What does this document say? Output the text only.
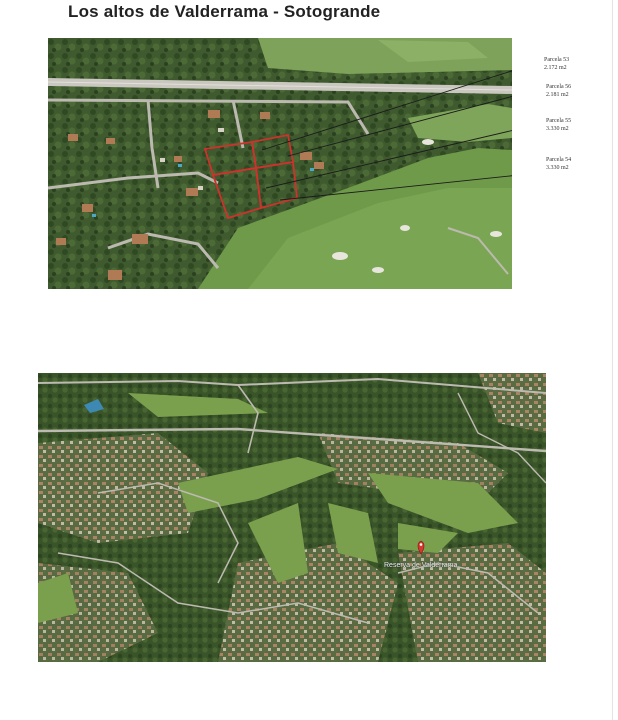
Los altos de Valderrama - Sotogrande
Parcela 53
2.172 m2
Parcela 56
2.181 m2
Parcela 55
3.330 m2
Parcela 54
3.330 m2
Reserva de Valderrama
